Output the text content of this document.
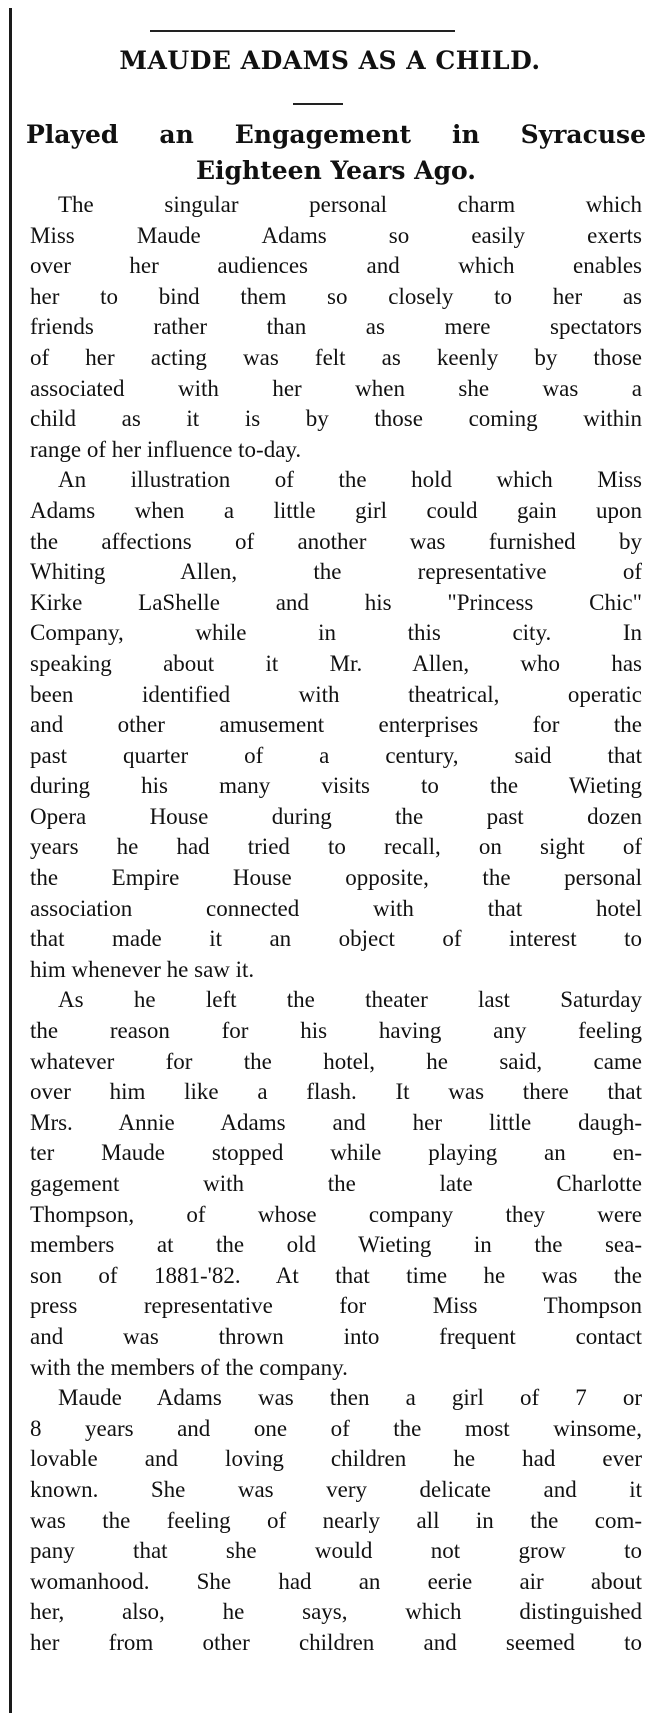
MAUDE ADAMS AS A CHILD.
Played an Engagement in Syracuse
Eighteen Years Ago.
The singular personal charm which
Miss Maude Adams so easily exerts
over her audiences and which enables
her to bind them so closely to her as
friends rather than as mere spectators
of her acting was felt as keenly by those
associated with her when she was a
child as it is by those coming within
range of her influence to-day.
An illustration of the hold which Miss
Adams when a little girl could gain upon
the affections of another was furnished by
Whiting Allen, the representative of
Kirke LaShelle and his "Princess Chic"
Company, while in this city. In
speaking about it Mr. Allen, who has
been identified with theatrical, operatic
and other amusement enterprises for the
past quarter of a century, said that
during his many visits to the Wieting
Opera House during the past dozen
years he had tried to recall, on sight of
the Empire House opposite, the personal
association connected with that hotel
that made it an object of interest to
him whenever he saw it.
As he left the theater last Saturday
the reason for his having any feeling
whatever for the hotel, he said, came
over him like a flash. It was there that
Mrs. Annie Adams and her little daugh-
ter Maude stopped while playing an en-
gagement with the late Charlotte
Thompson, of whose company they were
members at the old Wieting in the sea-
son of 1881-'82. At that time he was the
press representative for Miss Thompson
and was thrown into frequent contact
with the members of the company.
Maude Adams was then a girl of 7 or
8 years and one of the most winsome,
lovable and loving children he had ever
known. She was very delicate and it
was the feeling of nearly all in the com-
pany that she would not grow to
womanhood. She had an eerie air about
her, also, he says, which distinguished
her from other children and seemed to
